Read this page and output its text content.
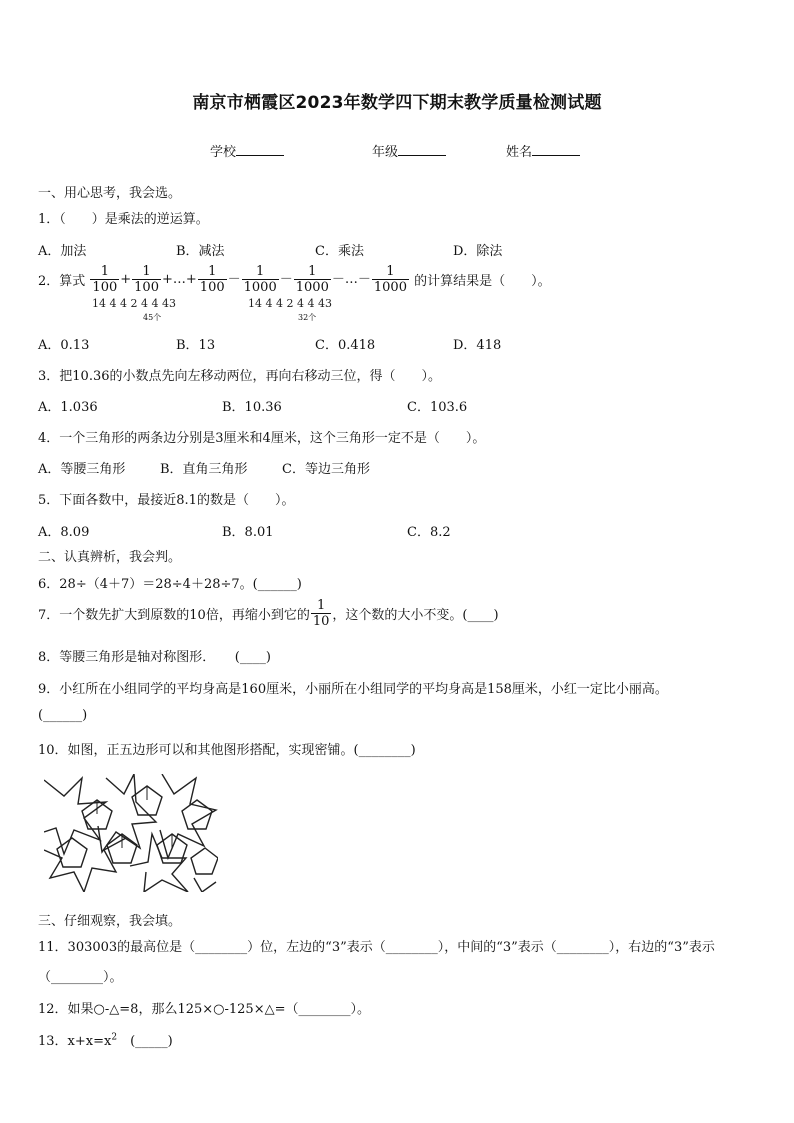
南京市栖霞区2023年数学四下期末教学质量检测试题
学校	年级	姓名
一、用心思考，我会选。
1．（　　）是乘法的逆运算。
A．加法	B．减法	C．乘法	D．除法
2．算式 $\frac{1}{100} + \frac{1}{100}$ +…+ $\frac{1}{100} - \frac{1}{1000} - \frac{1}{1000}$ －…－ $\frac{1}{1000}$ 的计算结果是（　　）。
14 4 4 2 4 4 43
45个
14 4 4 2 4 4 43
32个
A．0.13	B．13	C．0.418	D．418
3．把10.36的小数点先向左移动两位，再向右移动三位，得（　　）。
A．1.036	B．10.36	C．103.6
4．一个三角形的两条边分别是3厘米和4厘米，这个三角形一定不是（　　）。
A．等腰三角形	B．直角三角形	C．等边三角形
5．下面各数中，最接近8.1的数是（　　）。
A．8.09	B．8.01	C．8.2
二、认真辨析，我会判。
6．28÷（4＋7）＝28÷4＋28÷7。(______)
7．一个数先扩大到原数的10倍，再缩小到它的 $\frac{1}{10}$ ，这个数的大小不变。(____)
8．等腰三角形是轴对称图形．　　(____)
9．小红所在小组同学的平均身高是160厘米，小丽所在小组同学的平均身高是158厘米，小红一定比小丽高。
(______)
10．如图，正五边形可以和其他图形搭配，实现密铺。(________)
三、仔细观察，我会填。
11．303003的最高位是（________）位，左边的“3”表示（________），中间的“3”表示（________），右边的“3”表示
（________）。
12．如果○-△=8，那么125×○-125×△=（________）。
13．$x+x=x^2$　(_____)
